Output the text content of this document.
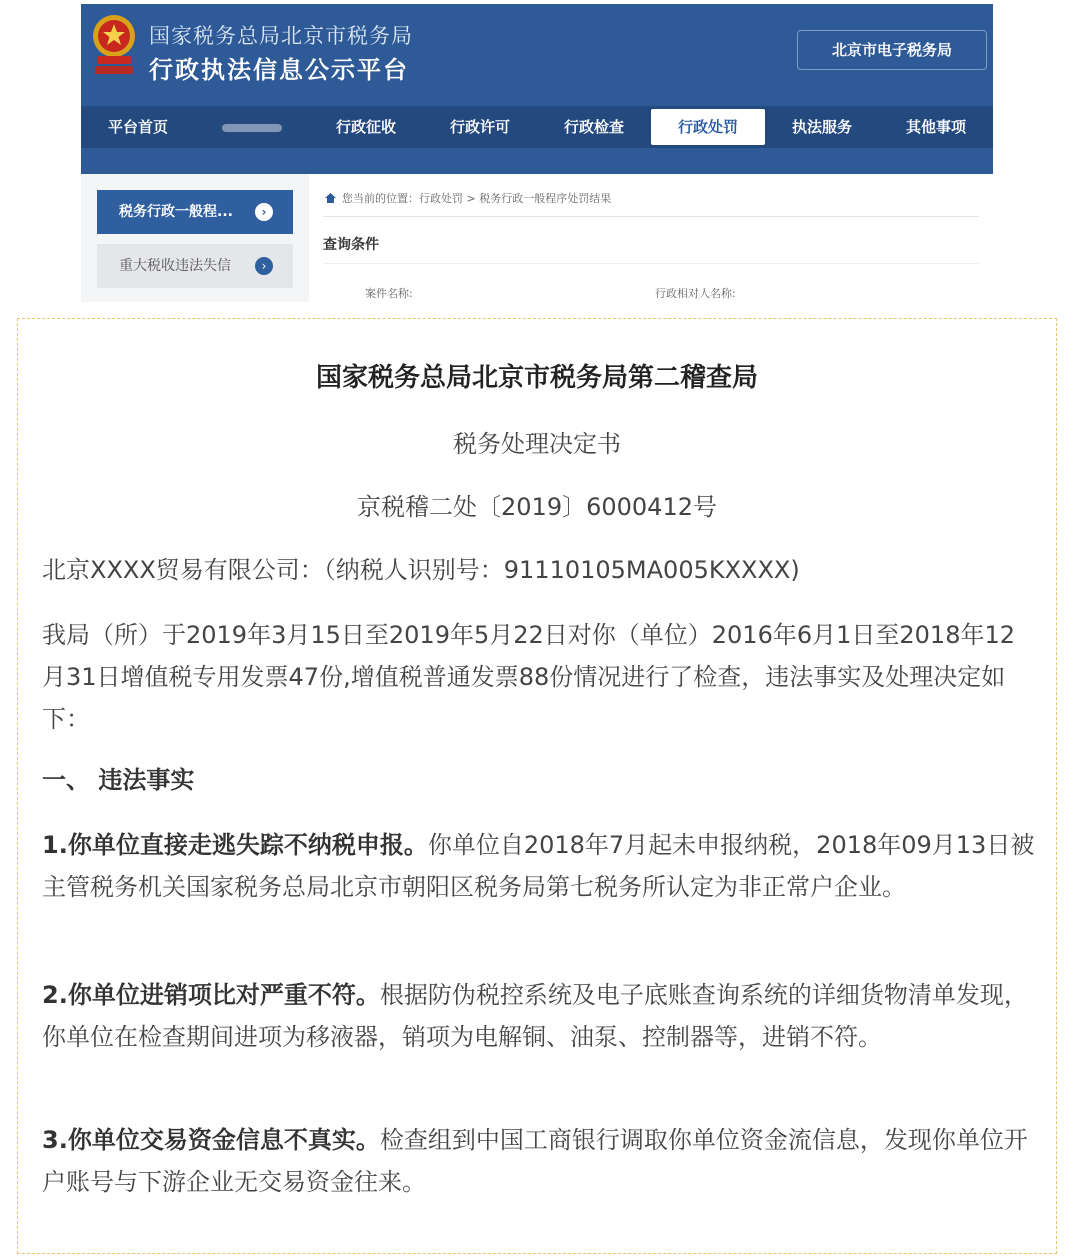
国家税务总局北京市税务局
行政执法信息公示平台
北京市电子税务局
平台首页	行政征收	行政许可	行政检查	行政处罚	执法服务	其他事项
税务行政一般程...	›
重大税收违法失信	›
您当前的位置：行政处罚 > 税务行政一般程序处罚结果
查询条件
案件名称:	行政相对人名称:
国家税务总局北京市税务局第二稽查局
税务处理决定书
京税稽二处〔2019〕6000412号

北京XXXX贸易有限公司：（纳税人识别号：91110105MA005KXXXX)

我局（所）于2019年3月15日至2019年5月22日对你（单位）2016年6月1日至2018年12月31日增值税专用发票47份,增值税普通发票88份情况进行了检查，违法事实及处理决定如下：

一、 违法事实

1.你单位直接走逃失踪不纳税申报。你单位自2018年7月起未申报纳税，2018年09月13日被主管税务机关国家税务总局北京市朝阳区税务局第七税务所认定为非正常户企业。

2.你单位进销项比对严重不符。根据防伪税控系统及电子底账查询系统的详细货物清单发现，你单位在检查期间进项为移液器，销项为电解铜、油泵、控制器等，进销不符。

3.你单位交易资金信息不真实。检查组到中国工商银行调取你单位资金流信息，发现你单位开户账号与下游企业无交易资金往来。
